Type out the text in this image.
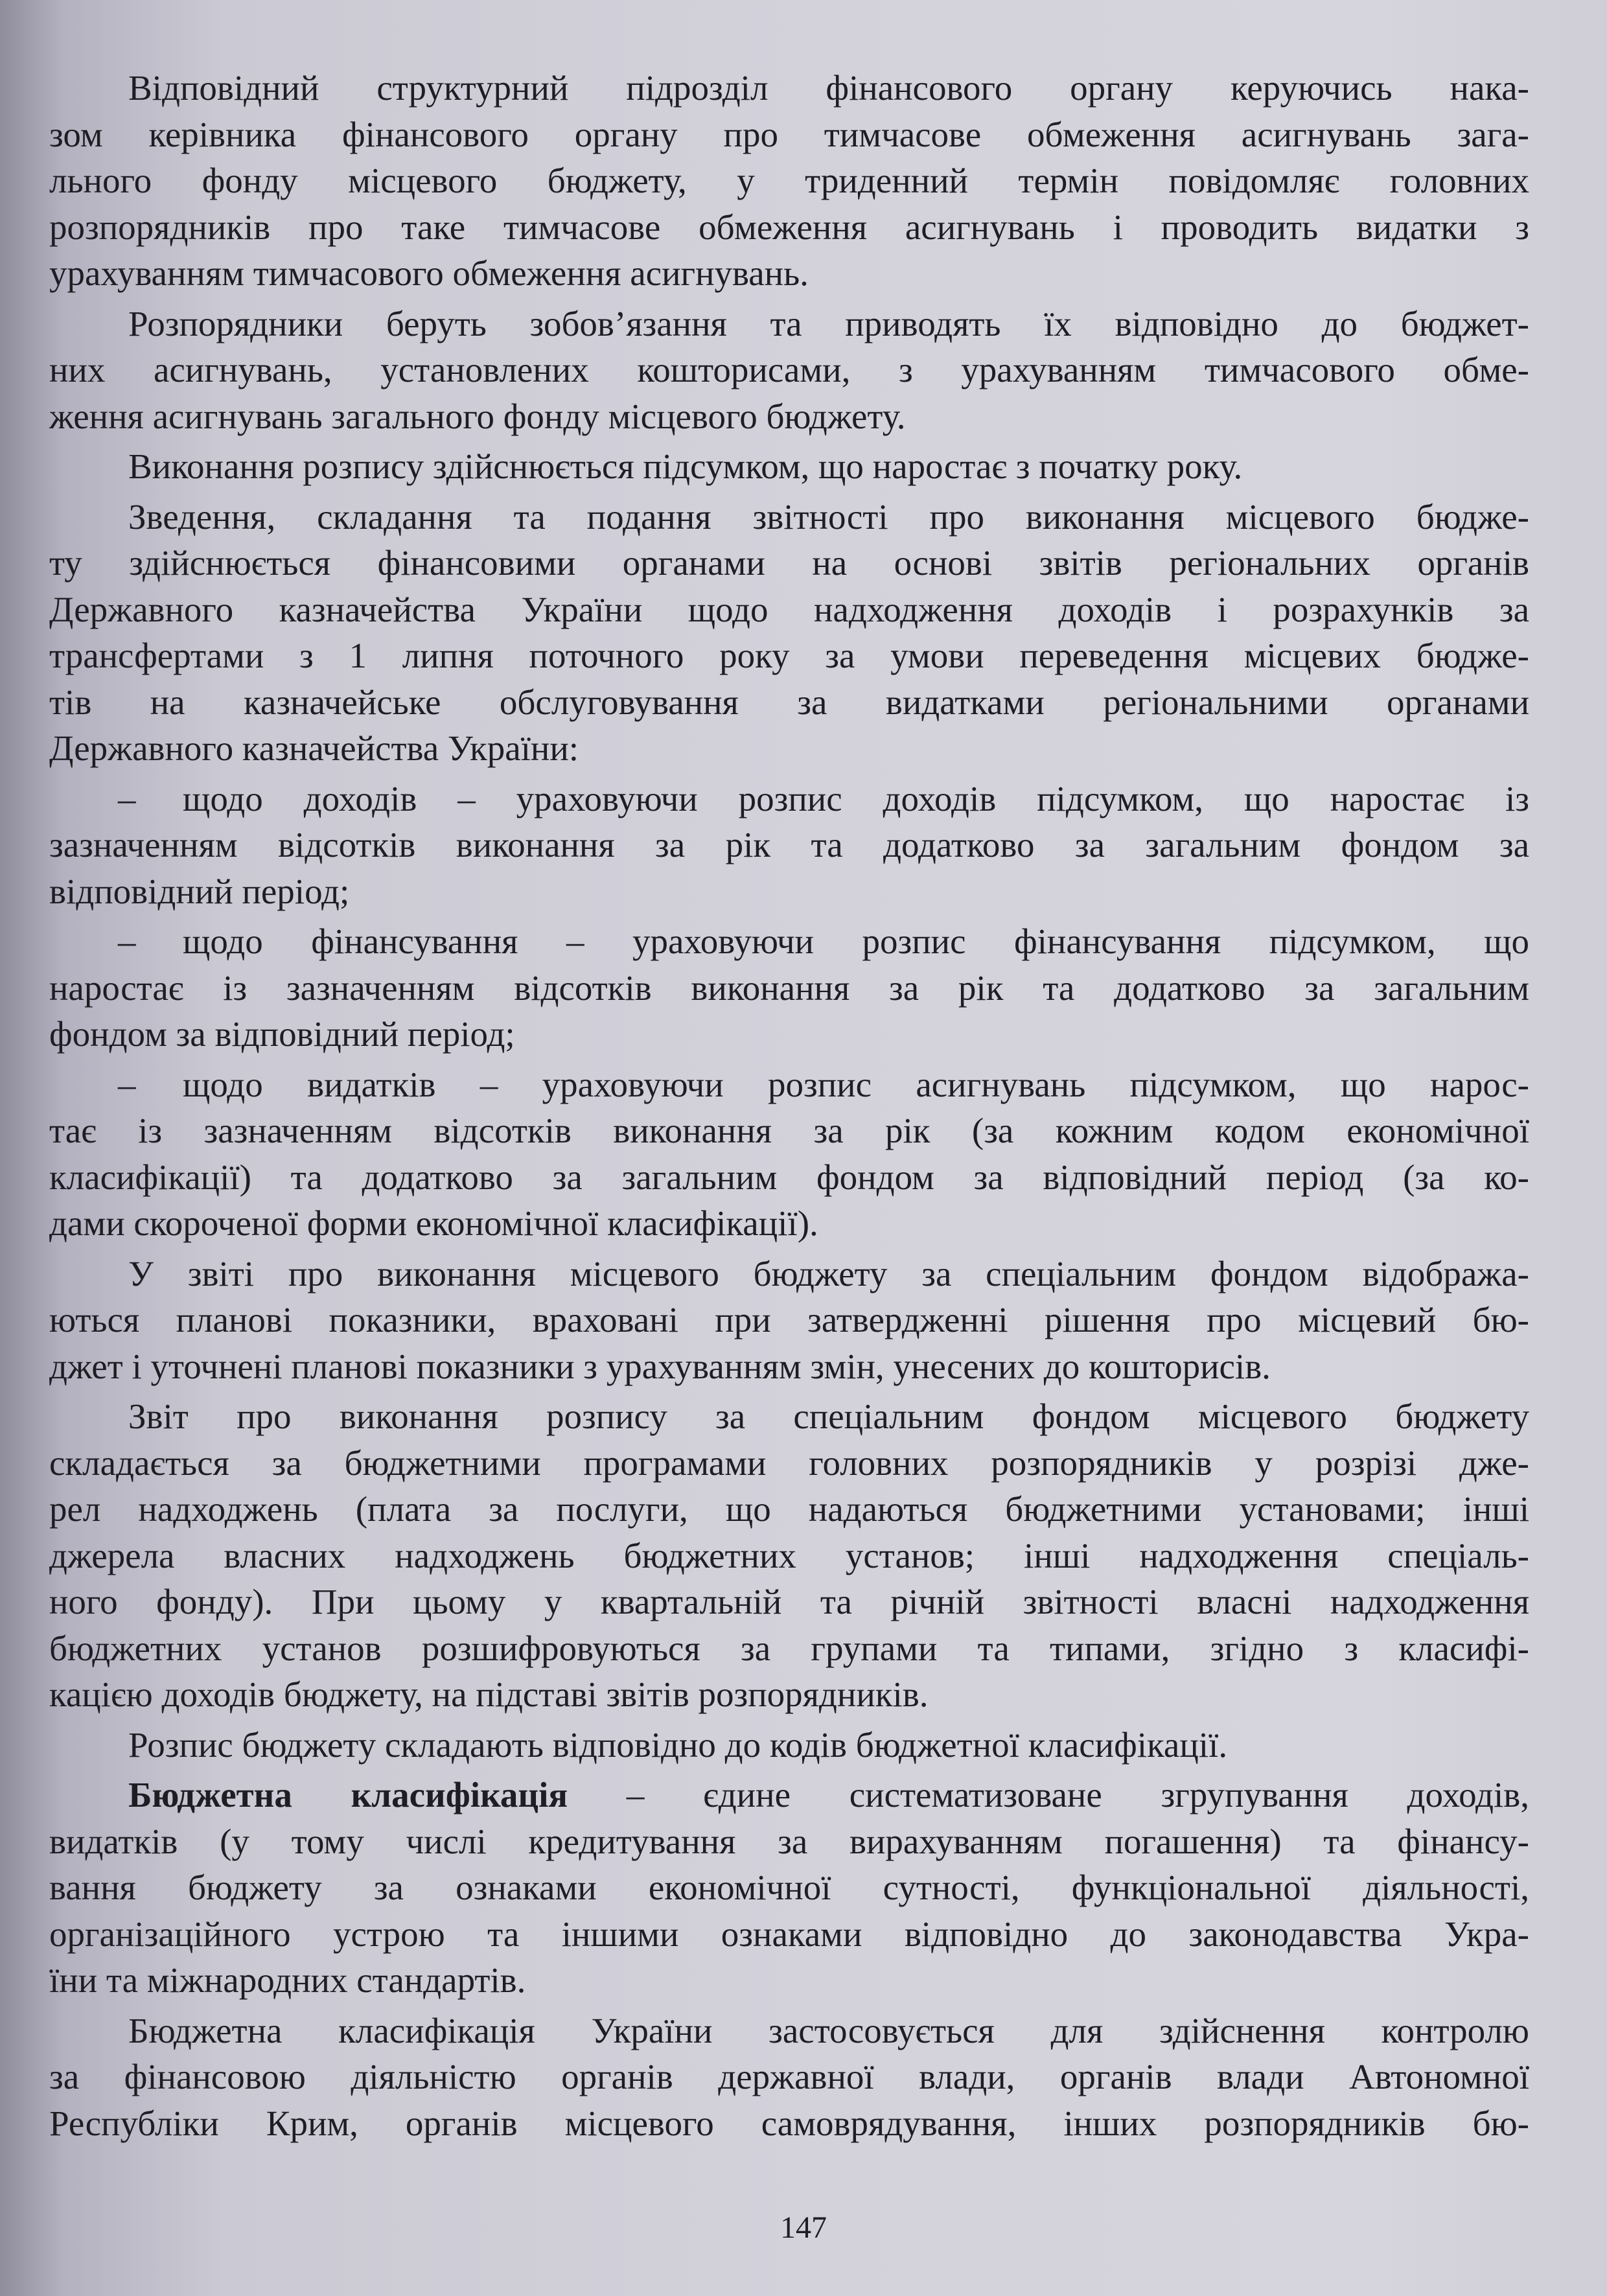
Відповідний структурний підрозділ фінансового органу керуючись нака-
зом керівника фінансового органу про тимчасове обмеження асигнувань зага-
льного фонду місцевого бюджету, у триденний термін повідомляє головних
розпорядників про таке тимчасове обмеження асигнувань і проводить видатки з
урахуванням тимчасового обмеження асигнувань.
Розпорядники беруть зобов’язання та приводять їх відповідно до бюджет-
них асигнувань, установлених кошторисами, з урахуванням тимчасового обме-
ження асигнувань загального фонду місцевого бюджету.
Виконання розпису здійснюється підсумком, що наростає з початку року.
Зведення, складання та подання звітності про виконання місцевого бюдже-
ту здійснюється фінансовими органами на основі звітів регіональних органів
Державного казначейства України щодо надходження доходів і розрахунків за
трансфертами з 1 липня поточного року за умови переведення місцевих бюдже-
тів на казначейське обслуговування за видатками регіональними органами
Державного казначейства України:
– щодо доходів – ураховуючи розпис доходів підсумком, що наростає із
зазначенням відсотків виконання за рік та додатково за загальним фондом за
відповідний період;
– щодо фінансування – ураховуючи розпис фінансування підсумком, що
наростає із зазначенням відсотків виконання за рік та додатково за загальним
фондом за відповідний період;
– щодо видатків – ураховуючи розпис асигнувань підсумком, що нарос-
тає із зазначенням відсотків виконання за рік (за кожним кодом економічної
класифікації) та додатково за загальним фондом за відповідний період (за ко-
дами скороченої форми економічної класифікації).
У звіті про виконання місцевого бюджету за спеціальним фондом відобража-
ються планові показники, враховані при затвердженні рішення про місцевий бю-
джет і уточнені планові показники з урахуванням змін, унесених до кошторисів.
Звіт про виконання розпису за спеціальним фондом місцевого бюджету
складається за бюджетними програмами головних розпорядників у розрізі дже-
рел надходжень (плата за послуги, що надаються бюджетними установами; інші
джерела власних надходжень бюджетних установ; інші надходження спеціаль-
ного фонду). При цьому у квартальній та річній звітності власні надходження
бюджетних установ розшифровуються за групами та типами, згідно з класифі-
кацією доходів бюджету, на підставі звітів розпорядників.
Розпис бюджету складають відповідно до кодів бюджетної класифікації.
Бюджетна класифікація – єдине систематизоване згрупування доходів,
видатків (у тому числі кредитування за вирахуванням погашення) та фінансу-
вання бюджету за ознаками економічної сутності, функціональної діяльності,
організаційного устрою та іншими ознаками відповідно до законодавства Укра-
їни та міжнародних стандартів.
Бюджетна класифікація України застосовується для здійснення контролю
за фінансовою діяльністю органів державної влади, органів влади Автономної
Республіки Крим, органів місцевого самоврядування, інших розпорядників бю-
147
